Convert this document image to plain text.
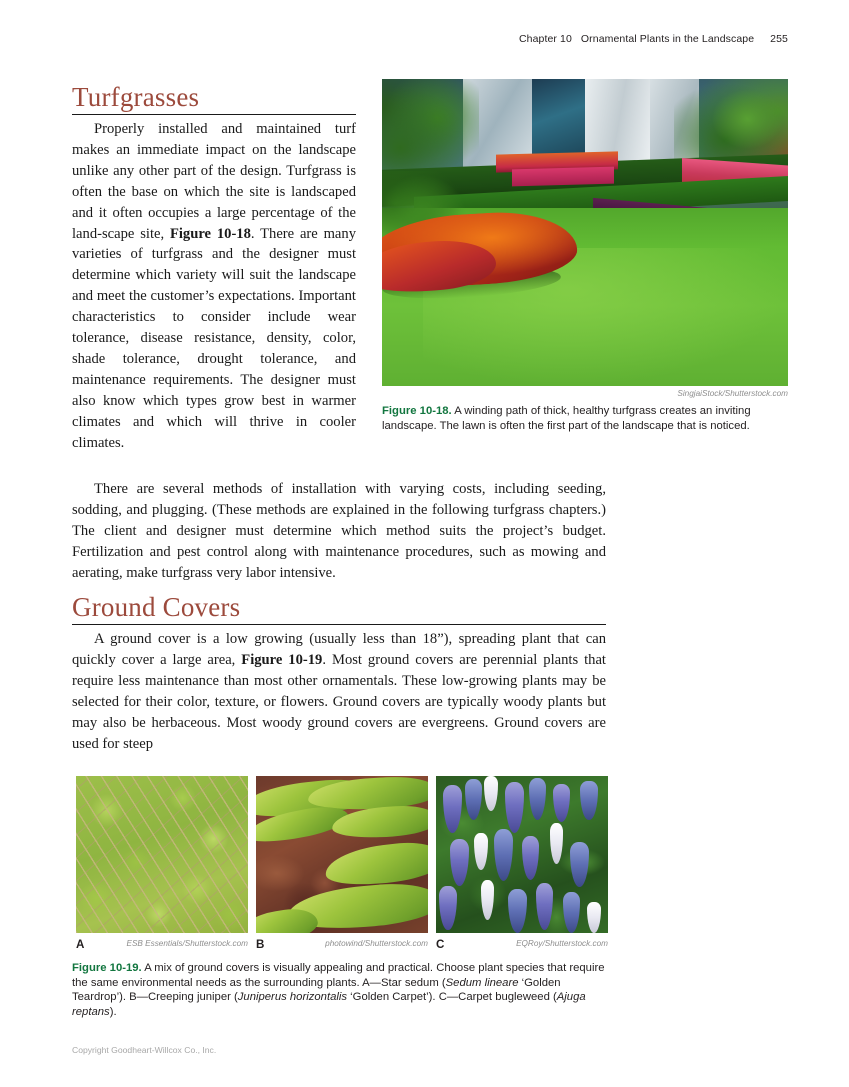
Chapter 10 Ornamental Plants in the Landscape 255
Turfgrasses
Properly installed and maintained turf makes an immediate impact on the landscape unlike any other part of the design. Turfgrass is often the base on which the site is landscaped and it often occupies a large percentage of the land-scape site, Figure 10-18. There are many varieties of turfgrass and the designer must determine which variety will suit the landscape and meet the customer’s expectations. Important characteristics to consider include wear tolerance, disease resistance, density, color, shade tolerance, drought tolerance, and maintenance requirements. The designer must also know which types grow best in warmer climates and which will thrive in cooler climates.
SingjaiStock/Shutterstock.com
Figure 10-18. A winding path of thick, healthy turfgrass creates an inviting landscape. The lawn is often the first part of the landscape that is noticed.
There are several methods of installation with varying costs, including seeding, sodding, and plugging. (These methods are explained in the following turfgrass chapters.) The client and designer must determine which method suits the project’s budget. Fertilization and pest control along with maintenance procedures, such as mowing and aerating, make turfgrass very labor intensive.
Ground Covers
A ground cover is a low growing (usually less than 18”), spreading plant that can quickly cover a large area, Figure 10-19. Most ground covers are perennial plants that require less maintenance than most other ornamentals. These low-growing plants may be selected for their color, texture, or flowers. Ground covers are typically woody plants but may also be herbaceous. Most woody ground covers are evergreens. Ground covers are used for steep
A	B	C
ESB Essentials/Shutterstock.com	photowind/Shutterstock.com	EQRoy/Shutterstock.com
Figure 10-19. A mix of ground covers is visually appealing and practical. Choose plant species that require the same environmental needs as the surrounding plants. A—Star sedum (Sedum lineare ‘Golden Teardrop’). B—Creeping juniper (Juniperus horizontalis ‘Golden Carpet’). C—Carpet bugleweed (Ajuga reptans).
Copyright Goodheart-Willcox Co., Inc.
